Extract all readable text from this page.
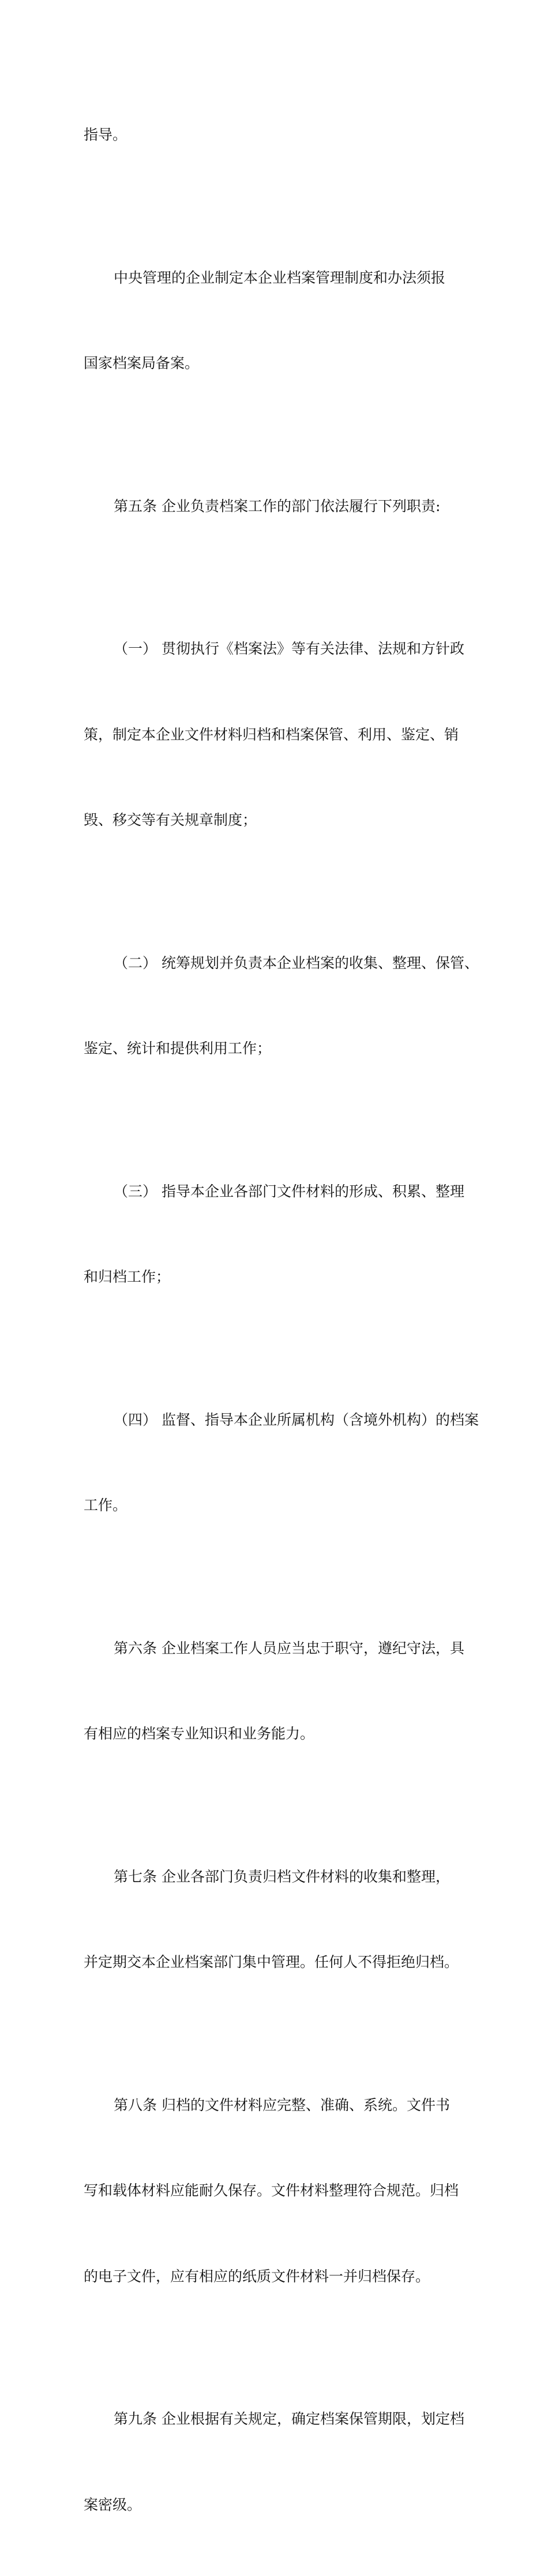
指导。

中央管理的企业制定本企业档案管理制度和办法须报

国家档案局备案。

第五条 企业负责档案工作的部门依法履行下列职责:

（一） 贯彻执行《档案法》等有关法律、法规和方针政

策，制定本企业文件材料归档和档案保管、利用、鉴定、销

毁、移交等有关规章制度；

（二） 统筹规划并负责本企业档案的收集、整理、保管、

鉴定、统计和提供利用工作；

（三） 指导本企业各部门文件材料的形成、积累、整理

和归档工作；

（四） 监督、指导本企业所属机构（含境外机构）的档案

工作。

第六条 企业档案工作人员应当忠于职守，遵纪守法，具

有相应的档案专业知识和业务能力。

第七条 企业各部门负责归档文件材料的收集和整理，

并定期交本企业档案部门集中管理。任何人不得拒绝归档。

第八条 归档的文件材料应完整、准确、系统。文件书

写和载体材料应能耐久保存。文件材料整理符合规范。归档

的电子文件，应有相应的纸质文件材料一并归档保存。

第九条 企业根据有关规定，确定档案保管期限，划定档

案密级。
